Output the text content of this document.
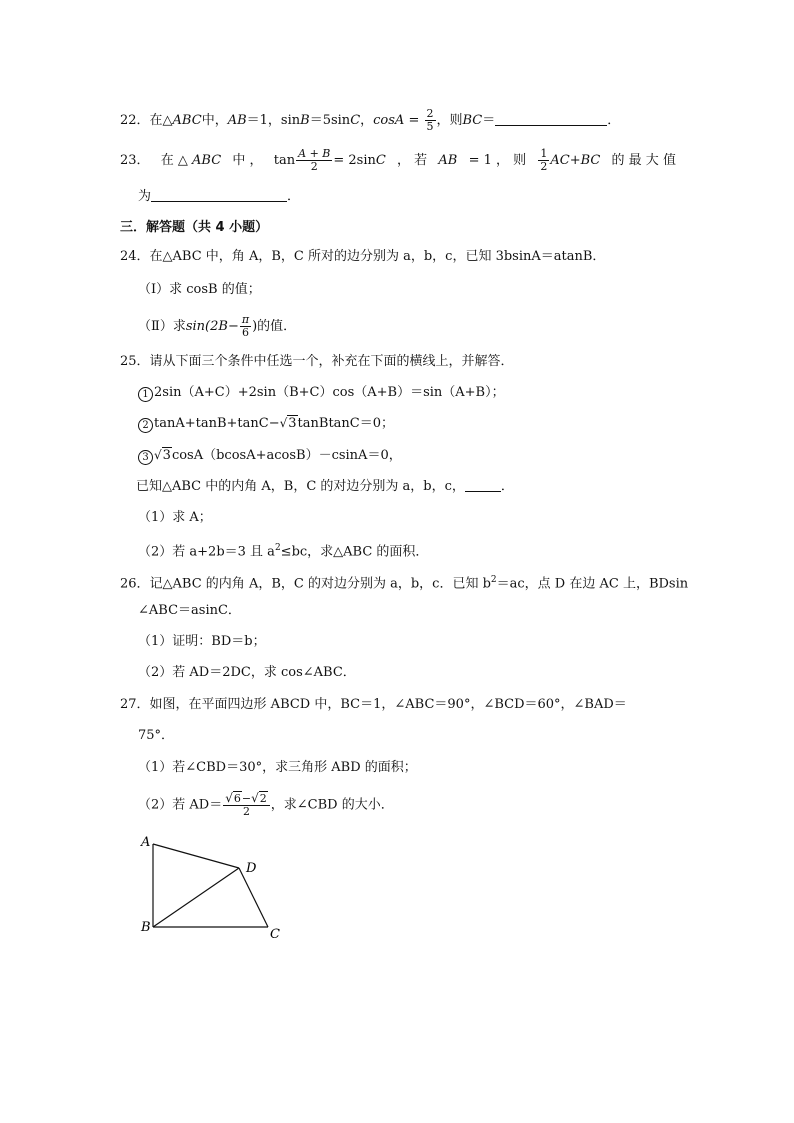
22．在△ABC中，AB＝1，sinB＝5sinC，$\cos A = \frac{2}{5}$ ，则BC＝	．
23． 在 △ ABC 中 ， $\tan \frac{A + B}{2} = 2\sin C$ ， 若 AB = 1 ， 则 $\frac{1}{2} AC+BC$ 的 最 大 值
为	．
三．解答题（共 4 小题）
24．在△ABC 中，角 A，B，C 所对的边分别为 a，b，c，已知 3bsinA＝atanB．
（Ⅰ）求 cosB 的值；
（Ⅱ）求$\sin(2B- \frac{\pi}{6}$ )的值．
25．请从下面三个条件中任选一个，补充在下面的横线上，并解答．
1 2sin（A+C）+2sin（B+C）cos（A+B）＝sin（A+B）；
2 tanA+tanB+tanC−√3tanBtanC＝0；
3 √3cosA（bcosA+acosB）－csinA＝0，
已知△ABC 中的内角 A，B，C 的对边分别为 a，b，c，	．
（1）求 A；
（2）若 a+2b＝3 且 $a^2\le bc$，求△ABC 的面积．
26．记△ABC 的内角 A，B，C 的对边分别为 a，b，c．已知 $b^2=ac$，点 D 在边 AC 上，BDsin
∠ABC＝asinC．
（1）证明：BD＝b；
（2）若 AD＝2DC，求 cos∠ABC．
27．如图，在平面四边形 ABCD 中，BC＝1，∠ABC＝90°，∠BCD＝60°，∠BAD＝
75°．
（1）若∠CBD＝30°，求三角形 ABD 的面积；
（2）若 $AD= \frac{√6-√2}{2}$ ，求∠CBD 的大小．
A
B	C
D
